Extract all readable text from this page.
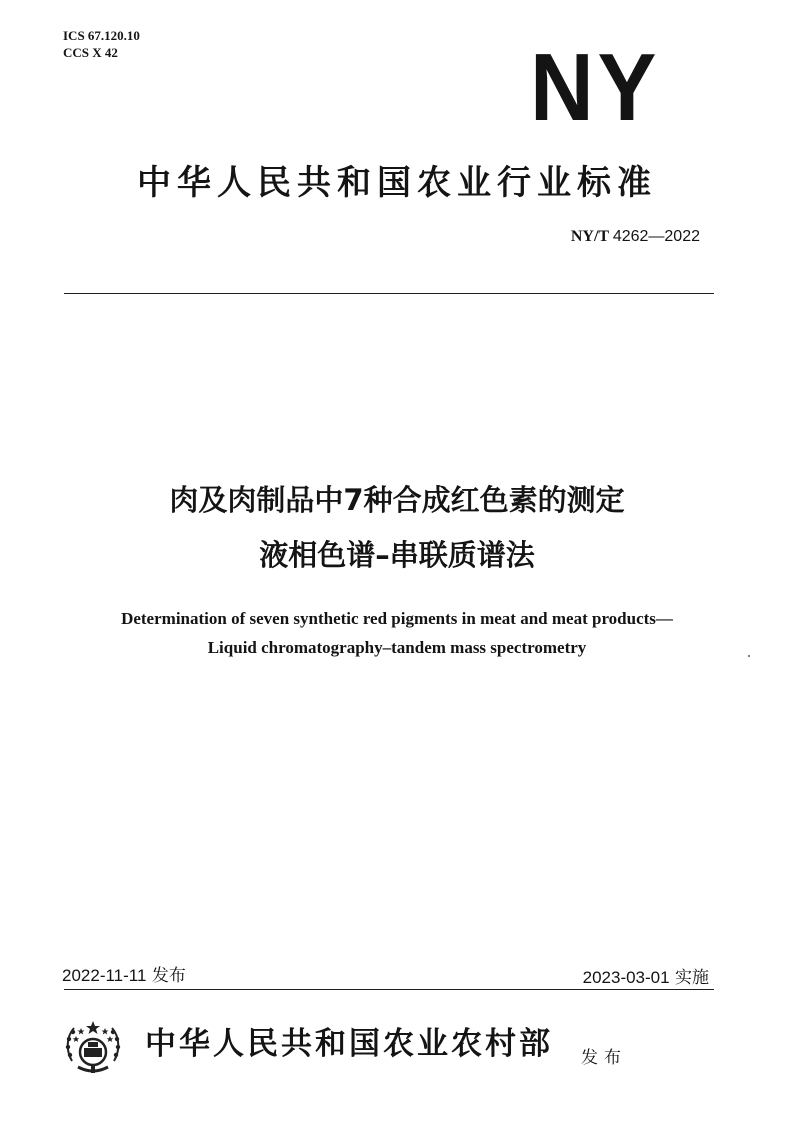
ICS 67.120.10
CCS X 42	NY
中华人民共和国农业行业标准
NY/T 4262—2022
肉及肉制品中7种合成红色素的测定
液相色谱–串联质谱法
Determination of seven synthetic red pigments in meat and meat products—
Liquid chromatography–tandem mass spectrometry
2022-11-11 发布	2023-03-01 实施
中华人民共和国农业农村部 发布
